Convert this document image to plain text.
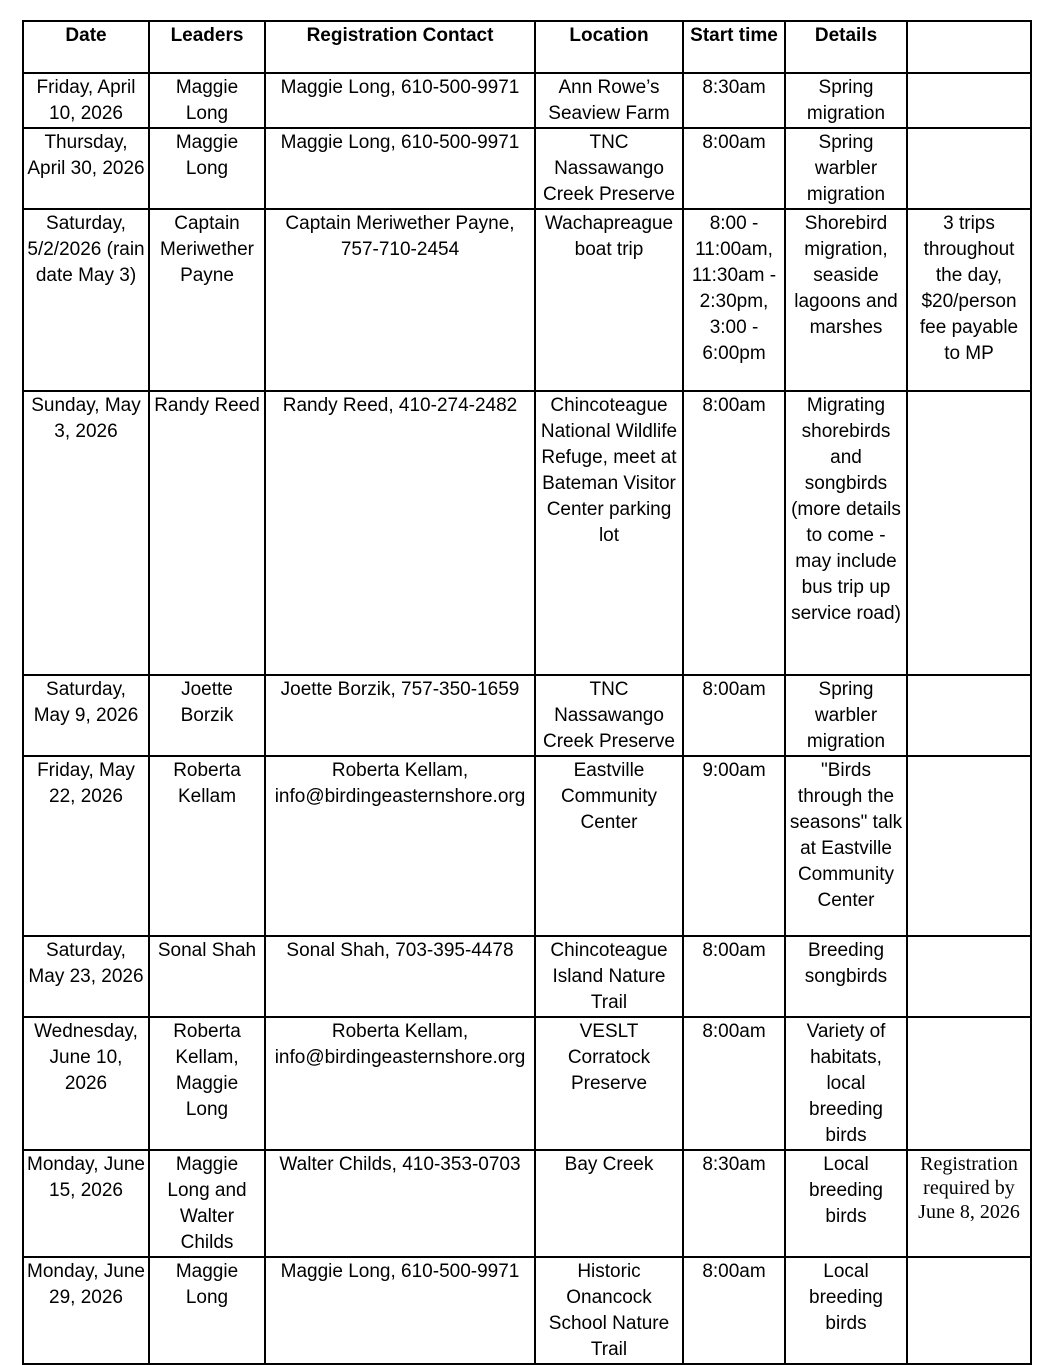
Date	Leaders	Registration Contact	Location	Start time	Details	

Friday, April 10, 2026	Maggie Long	Maggie Long, 610-500-9971	Ann Rowe’s Seaview Farm	8:30am	Spring migration	

Thursday, April 30, 2026	Maggie Long	Maggie Long, 610-500-9971	TNC Nassawango Creek Preserve	8:00am	Spring warbler migration	

Saturday, 5/2/2026 (rain date May 3)	Captain Meriwether Payne	Captain Meriwether Payne, 757-710-2454	Wachapreague boat trip	8:00 - 11:00am, 11:30am - 2:30pm, 3:00 - 6:00pm	Shorebird migration, seaside lagoons and marshes	3 trips throughout the day, $20/person fee payable to MP

Sunday, May 3, 2026	Randy Reed	Randy Reed, 410-274-2482	Chincoteague National Wildlife Refuge, meet at Bateman Visitor Center parking lot	8:00am	Migrating shorebirds and songbirds (more details to come - may include bus trip up service road)	

Saturday, May 9, 2026	Joette Borzik	Joette Borzik, 757-350-1659	TNC Nassawango Creek Preserve	8:00am	Spring warbler migration	

Friday, May 22, 2026	Roberta Kellam	Roberta Kellam, info@birdingeasternshore.org	Eastville Community Center	9:00am	"Birds through the seasons" talk at Eastville Community Center	

Saturday, May 23, 2026	Sonal Shah	Sonal Shah, 703-395-4478	Chincoteague Island Nature Trail	8:00am	Breeding songbirds	

Wednesday, June 10, 2026	Roberta Kellam, Maggie Long	Roberta Kellam, info@birdingeasternshore.org	VESLT Corratock Preserve	8:00am	Variety of habitats, local breeding birds	

Monday, June 15, 2026	Maggie Long and Walter Childs	Walter Childs, 410-353-0703	Bay Creek	8:30am	Local breeding birds	Registration required by June 8, 2026

Monday, June 29, 2026	Maggie Long	Maggie Long, 610-500-9971	Historic Onancock School Nature Trail	8:00am	Local breeding birds	
